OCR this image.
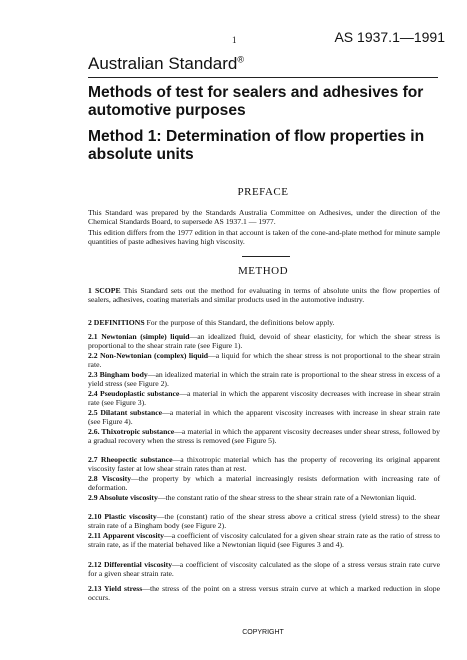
1	AS 1937.1—1991
Australian Standard®
Methods of test for sealers and adhesives for automotive purposes
Method 1: Determination of flow properties in absolute units
PREFACE
This Standard was prepared by the Standards Australia Committee on Adhesives, under the direction of the Chemical Standards Board, to supersede AS 1937.1 — 1977.
This edition differs from the 1977 edition in that account is taken of the cone-and-plate method for minute sample quantities of paste adhesives having high viscosity.
METHOD
1 SCOPE This Standard sets out the method for evaluating in terms of absolute units the flow properties of sealers, adhesives, coating materials and similar products used in the automotive industry.
2 DEFINITIONS For the purpose of this Standard, the definitions below apply.
2.1 Newtonian (simple) liquid—an idealized fluid, devoid of shear elasticity, for which the shear stress is proportional to the shear strain rate (see Figure 1).
2.2 Non-Newtonian (complex) liquid—a liquid for which the shear stress is not proportional to the shear strain rate.
2.3 Bingham body—an idealized material in which the strain rate is proportional to the shear stress in excess of a yield stress (see Figure 2).
2.4 Pseudoplastic substance—a material in which the apparent viscosity decreases with increase in shear strain rate (see Figure 3).
2.5 Dilatant substance—a material in which the apparent viscosity increases with increase in shear strain rate (see Figure 4).
2.6. Thixotropic substance—a material in which the apparent viscosity decreases under shear stress, followed by a gradual recovery when the stress is removed (see Figure 5).
2.7 Rheopectic substance—a thixotropic material which has the property of recovering its original apparent viscosity faster at low shear strain rates than at rest.
2.8 Viscosity—the property by which a material increasingly resists deformation with increasing rate of deformation.
2.9 Absolute viscosity—the constant ratio of the shear stress to the shear strain rate of a Newtonian liquid.
2.10 Plastic viscosity—the (constant) ratio of the shear stress above a critical stress (yield stress) to the shear strain rate of a Bingham body (see Figure 2).
2.11 Apparent viscosity—a coefficient of viscosity calculated for a given shear strain rate as the ratio of stress to strain rate, as if the material behaved like a Newtonian liquid (see Figures 3 and 4).
2.12 Differential viscosity—a coefficient of viscosity calculated as the slope of a stress versus strain rate curve for a given shear strain rate.
2.13 Yield stress—the stress of the point on a stress versus strain curve at which a marked reduction in slope occurs.
COPYRIGHT
